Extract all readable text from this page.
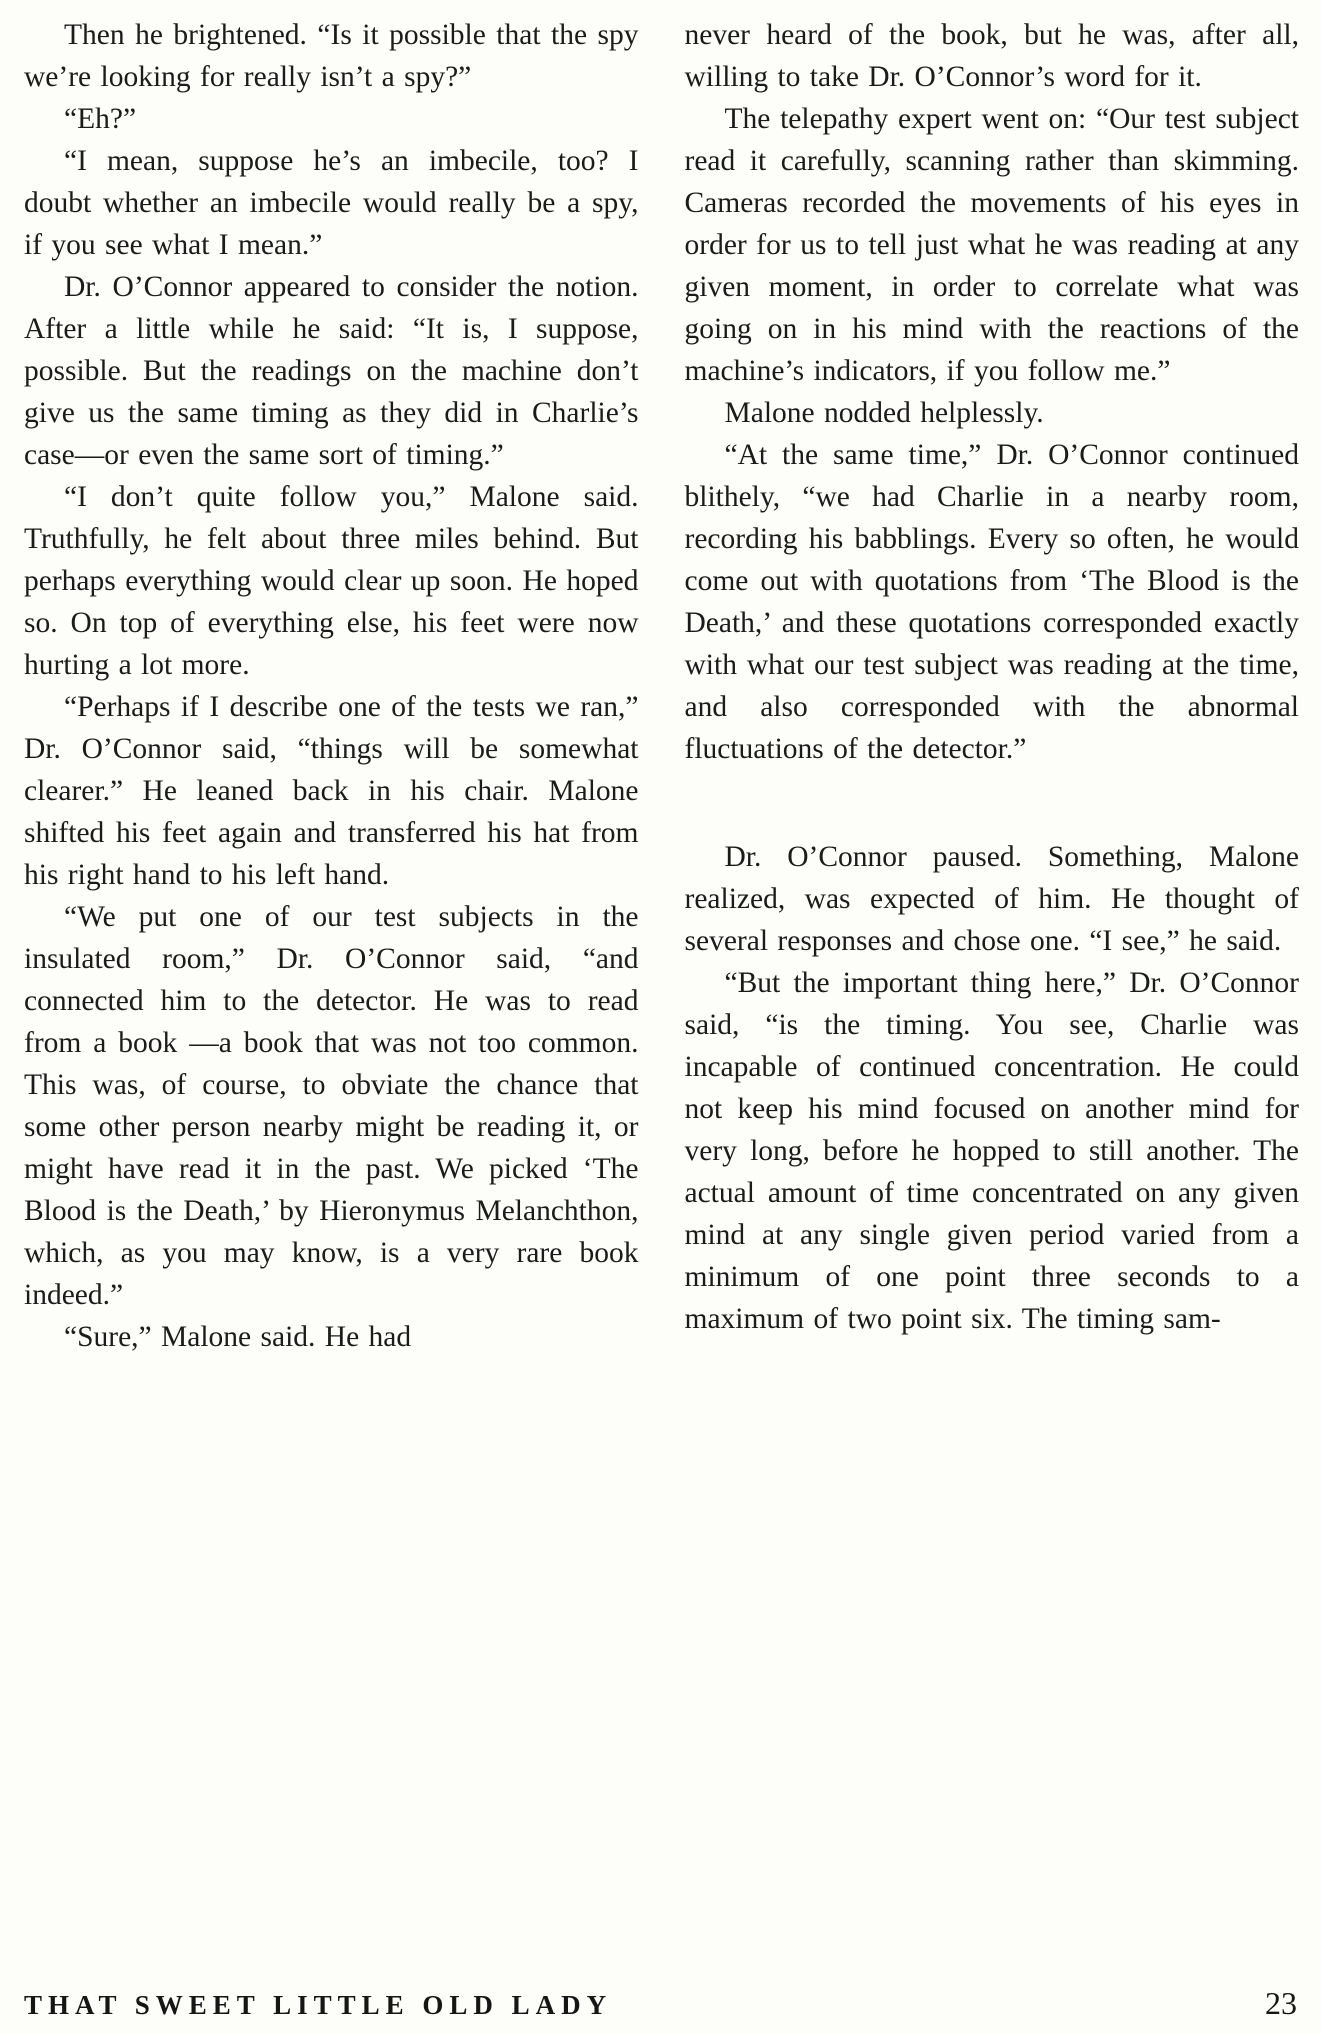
Then he brightened. “Is it possible that the spy we’re looking for really isn’t a spy?”

“Eh?”

“I mean, suppose he’s an imbecile, too? I doubt whether an imbecile would really be a spy, if you see what I mean.”

Dr. O’Connor appeared to consider the notion. After a little while he said: “It is, I suppose, possible. But the readings on the machine don’t give us the same timing as they did in Charlie’s case—or even the same sort of timing.”

“I don’t quite follow you,” Malone said. Truthfully, he felt about three miles behind. But perhaps everything would clear up soon. He hoped so. On top of everything else, his feet were now hurting a lot more.

“Perhaps if I describe one of the tests we ran,” Dr. O’Connor said, “things will be somewhat clearer.” He leaned back in his chair. Malone shifted his feet again and transferred his hat from his right hand to his left hand.

“We put one of our test subjects in the insulated room,” Dr. O’Connor said, “and connected him to the detector. He was to read from a book —a book that was not too common. This was, of course, to obviate the chance that some other person nearby might be reading it, or might have read it in the past. We picked ‘The Blood is the Death,’ by Hieronymus Melanchthon, which, as you may know, is a very rare book indeed.”

“Sure,” Malone said. He had

never heard of the book, but he was, after all, willing to take Dr. O’Connor’s word for it.

The telepathy expert went on: “Our test subject read it carefully, scanning rather than skimming. Cameras recorded the movements of his eyes in order for us to tell just what he was reading at any given moment, in order to correlate what was going on in his mind with the reactions of the machine’s indicators, if you follow me.”

Malone nodded helplessly.

“At the same time,” Dr. O’Connor continued blithely, “we had Charlie in a nearby room, recording his babblings. Every so often, he would come out with quotations from ‘The Blood is the Death,’ and these quotations corresponded exactly with what our test subject was reading at the time, and also corresponded with the abnormal fluctuations of the detector.”

Dr. O’Connor paused. Something, Malone realized, was expected of him. He thought of several responses and chose one. “I see,” he said.

“But the important thing here,” Dr. O’Connor said, “is the timing. You see, Charlie was incapable of continued concentration. He could not keep his mind focused on another mind for very long, before he hopped to still another. The actual amount of time concentrated on any given mind at any single given period varied from a minimum of one point three seconds to a maximum of two point six. The timing sam-

THAT SWEET LITTLE OLD LADY	23
